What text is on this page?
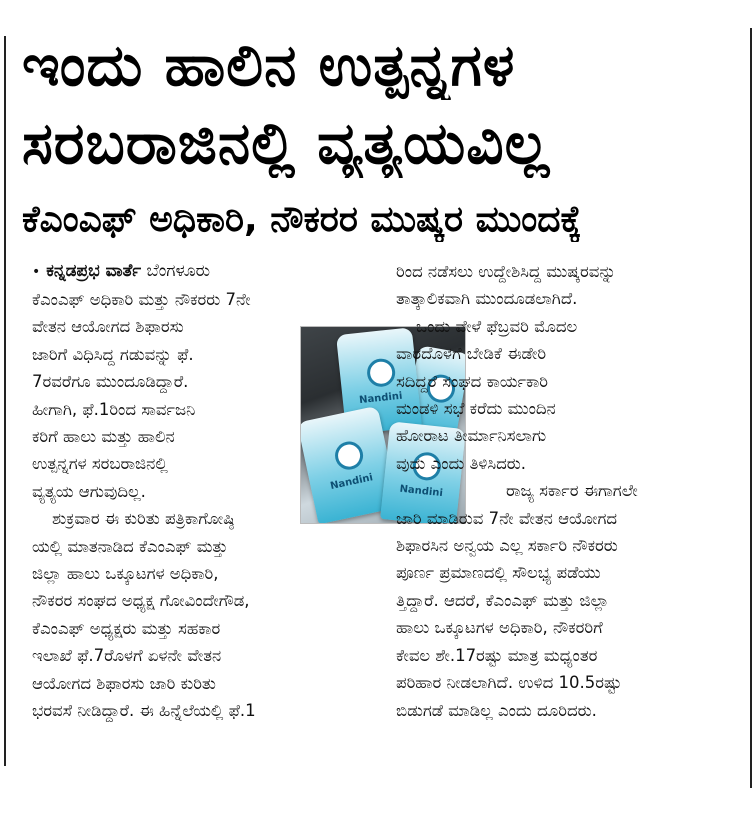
ಇಂದು ಹಾಲಿನ ಉತ್ಪನ್ನಗಳ
ಸರಬರಾಜಿನಲ್ಲಿ ವ್ಯತ್ಯಯವಿಲ್ಲ
ಕೆಎಂಎಫ್ ಅಧಿಕಾರಿ, ನೌಕರರ ಮುಷ್ಕರ ಮುಂದಕ್ಕೆ
• ಕನ್ನಡಪ್ರಭ ವಾರ್ತೆ ಬೆಂಗಳೂರು
ಕೆಎಂಎಫ್ ಅಧಿಕಾರಿ ಮತ್ತು ನೌಕರರು 7ನೇ
ವೇತನ ಆಯೋಗದ ಶಿಫಾರಸು
ಜಾರಿಗೆ ವಿಧಿಸಿದ್ದ ಗಡುವನ್ನು ಫೆ.
7ರವರೆಗೂ ಮುಂದೂಡಿದ್ದಾರೆ.
ಹೀಗಾಗಿ, ಫೆ.1ರಿಂದ ಸಾರ್ವಜನಿ
ಕರಿಗೆ ಹಾಲು ಮತ್ತು ಹಾಲಿನ
ಉತ್ಪನ್ನಗಳ ಸರಬರಾಜಿನಲ್ಲಿ
ವ್ಯತ್ಯಯ ಆಗುವುದಿಲ್ಲ.
ಶುಕ್ರವಾರ ಈ ಕುರಿತು ಪತ್ರಿಕಾಗೋಷ್ಠಿ
ಯಲ್ಲಿ ಮಾತನಾಡಿದ ಕೆಎಂಎಫ್ ಮತ್ತು
ಜಿಲ್ಲಾ ಹಾಲು ಒಕ್ಕೂಟಗಳ ಅಧಿಕಾರಿ,
ನೌಕರರ ಸಂಘದ ಅಧ್ಯಕ್ಷ ಗೋವಿಂದೇಗೌಡ,
ಕೆಎಂಎಫ್ ಅಧ್ಯಕ್ಷರು ಮತ್ತು ಸಹಕಾರ
ಇಲಾಖೆ ಫೆ.7ರೊಳಗೆ ಏಳನೇ ವೇತನ
ಆಯೋಗದ ಶಿಫಾರಸು ಜಾರಿ ಕುರಿತು
ಭರವಸೆ ನೀಡಿದ್ದಾರೆ. ಈ ಹಿನ್ನೆಲೆಯಲ್ಲಿ ಫೆ.1
Nandini
Nandini	Nandini
ರಿಂದ ನಡೆಸಲು ಉದ್ದೇಶಿಸಿದ್ದ ಮುಷ್ಕರವನ್ನು
ತಾತ್ಕಾಲಿಕವಾಗಿ ಮುಂದೂಡಲಾಗಿದೆ.
ಒಂದು ವೇಳೆ ಫೆಬ್ರವರಿ ಮೊದಲ
ವಾರದೊಳಗೆ ಬೇಡಿಕೆ ಈಡೇರಿ
ಸದಿದ್ದರೆ ಸಂಘದ ಕಾರ್ಯಕಾರಿ
ಮಂಡಳಿ ಸಭೆ ಕರೆದು ಮುಂದಿನ
ಹೋರಾಟ ತೀರ್ಮಾನಿಸಲಾಗು
ವುದು ಎಂದು ತಿಳಿಸಿದರು.
ರಾಜ್ಯ ಸರ್ಕಾರ ಈಗಾಗಲೇ
ಜಾರಿ ಮಾಡಿರುವ 7ನೇ ವೇತನ ಆಯೋಗದ
ಶಿಫಾರಸಿನ ಅನ್ವಯ ಎಲ್ಲ ಸರ್ಕಾರಿ ನೌಕರರು
ಪೂರ್ಣ ಪ್ರಮಾಣದಲ್ಲಿ ಸೌಲಭ್ಯ ಪಡೆಯು
ತ್ತಿದ್ದಾರೆ. ಆದರೆ, ಕೆಎಂಎಫ್ ಮತ್ತು ಜಿಲ್ಲಾ
ಹಾಲು ಒಕ್ಕೂಟಗಳ ಅಧಿಕಾರಿ, ನೌಕರರಿಗೆ
ಕೇವಲ ಶೇ.17ರಷ್ಟು ಮಾತ್ರ ಮಧ್ಯಂತರ
ಪರಿಹಾರ ನೀಡಲಾಗಿದೆ. ಉಳಿದ 10.5ರಷ್ಟು
ಬಿಡುಗಡೆ ಮಾಡಿಲ್ಲ ಎಂದು ದೂರಿದರು.
